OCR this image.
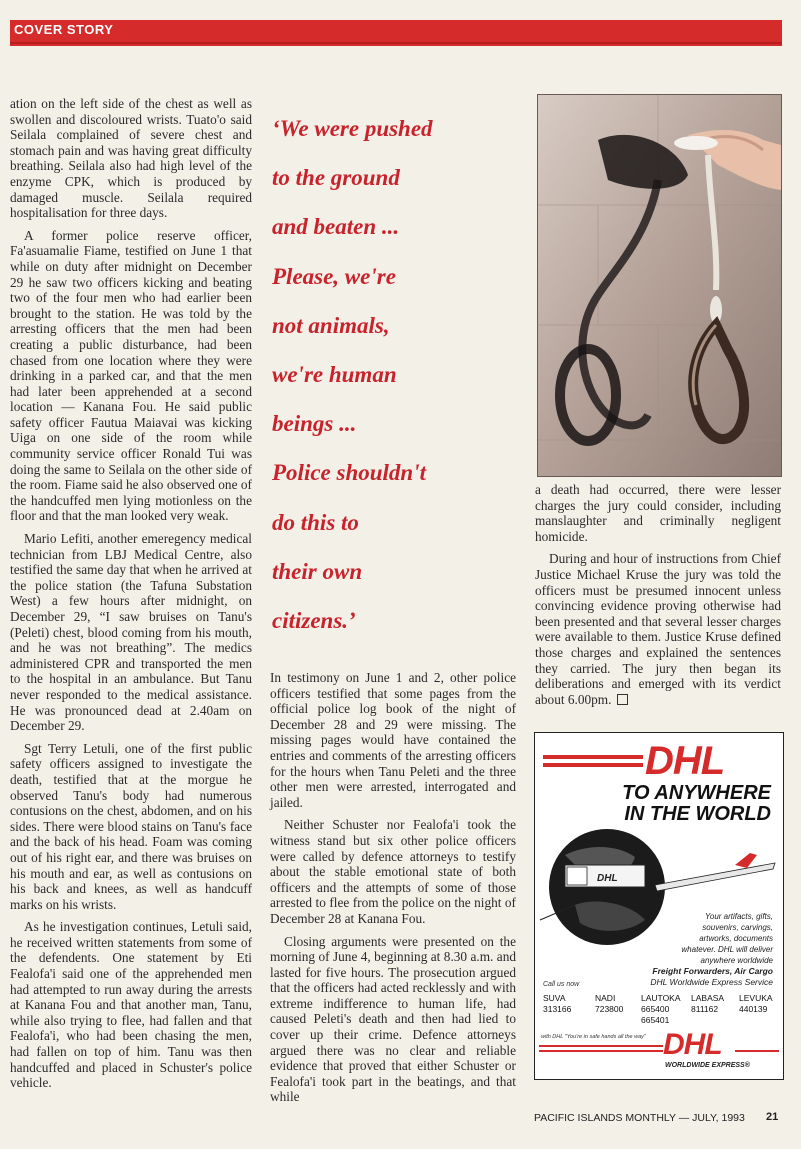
COVER STORY

ation on the left side of the chest as well as swollen and discoloured wrists. Tuato'o said Seilala complained of severe chest and stomach pain and was having great difficulty breathing. Seilala also had high level of the enzyme CPK, which is produced by damaged muscle. Seilala required hospitalisation for three days.

A former police reserve officer, Fa'asuamalie Fiame, testified on June 1 that while on duty after midnight on December 29 he saw two officers kicking and beating two of the four men who had earlier been brought to the station. He was told by the arresting officers that the men had been creating a public disturbance, had been chased from one location where they were drinking in a parked car, and that the men had later been apprehended at a second location — Kanana Fou. He said public safety officer Fautua Maiavai was kicking Uiga on one side of the room while community service officer Ronald Tui was doing the same to Seilala on the other side of the room. Fiame said he also observed one of the handcuffed men lying motionless on the floor and that the man looked very weak.

Mario Lefiti, another emeregency medical technician from LBJ Medical Centre, also testified the same day that when he arrived at the police station (the Tafuna Substation West) a few hours after midnight, on December 29, “I saw bruises on Tanu's (Peleti) chest, blood coming from his mouth, and he was not breathing”. The medics administered CPR and transported the men to the hospital in an ambulance. But Tanu never responded to the medical assistance. He was pronounced dead at 2.40am on December 29.

Sgt Terry Letuli, one of the first public safety officers assigned to investigate the death, testified that at the morgue he observed Tanu's body had numerous contusions on the chest, abdomen, and on his sides. There were blood stains on Tanu's face and the back of his head. Foam was coming out of his right ear, and there was bruises on his mouth and ear, as well as contusions on his back and knees, as well as handcuff marks on his wrists.

As he investigation continues, Letuli said, he received written statements from some of the defendents. One statement by Eti Fealofa'i said one of the apprehended men had attempted to run away during the arrests at Kanana Fou and that another man, Tanu, while also trying to flee, had fallen and that Fealofa'i, who had been chasing the men, had fallen on top of him. Tanu was then handcuffed and placed in Schuster's police vehicle.

‘We were pushed
to the ground
and beaten ...
Please, we're
not animals,
we're human
beings ...
Police shouldn't
do this to
their own
citizens.’

In testimony on June 1 and 2, other police officers testified that some pages from the official police log book of the night of December 28 and 29 were missing. The missing pages would have contained the entries and comments of the arresting officers for the hours when Tanu Peleti and the three other men were arrested, interrogated and jailed.

Neither Schuster nor Fealofa'i took the witness stand but six other police officers were called by defence attorneys to testify about the stable emotional state of both officers and the attempts of some of those arrested to flee from the police on the night of December 28 at Kanana Fou.

Closing arguments were presented on the morning of June 4, beginning at 8.30 a.m. and lasted for five hours. The prosecution argued that the officers had acted recklessly and with extreme indifference to human life, had caused Peleti's death and then had lied to cover up their crime. Defence attorneys argued there was no clear and reliable evidence that proved that either Schuster or Fealofa'i took part in the beatings, and that while

a death had occurred, there were lesser charges the jury could consider, including manslaughter and criminally negligent homicide.

During and hour of instructions from Chief Justice Michael Kruse the jury was told the officers must be presumed innocent unless convincing evidence proving otherwise had been presented and that several lesser charges were available to them. Justice Kruse defined those charges and explained the sentences they carried. The jury then began its deliberations and emerged with its verdict about 6.00pm.

DHL
TO ANYWHERE
IN THE WORLD
DHL
Your artifacts, gifts,
souvenirs, carvings,
artworks, documents
whatever. DHL will deliver
anywhere worldwide
Freight Forwarders, Air Cargo
DHL Worldwide Express Service
Call us now
SUVA
313166
NADI
723800
LAUTOKA
665400
665401
LABASA
811162
LEVUKA
440139
with DHL "You're in safe hands all the way" DHL
WORLDWIDE EXPRESS®
PACIFIC ISLANDS MONTHLY — JULY, 1993 21
